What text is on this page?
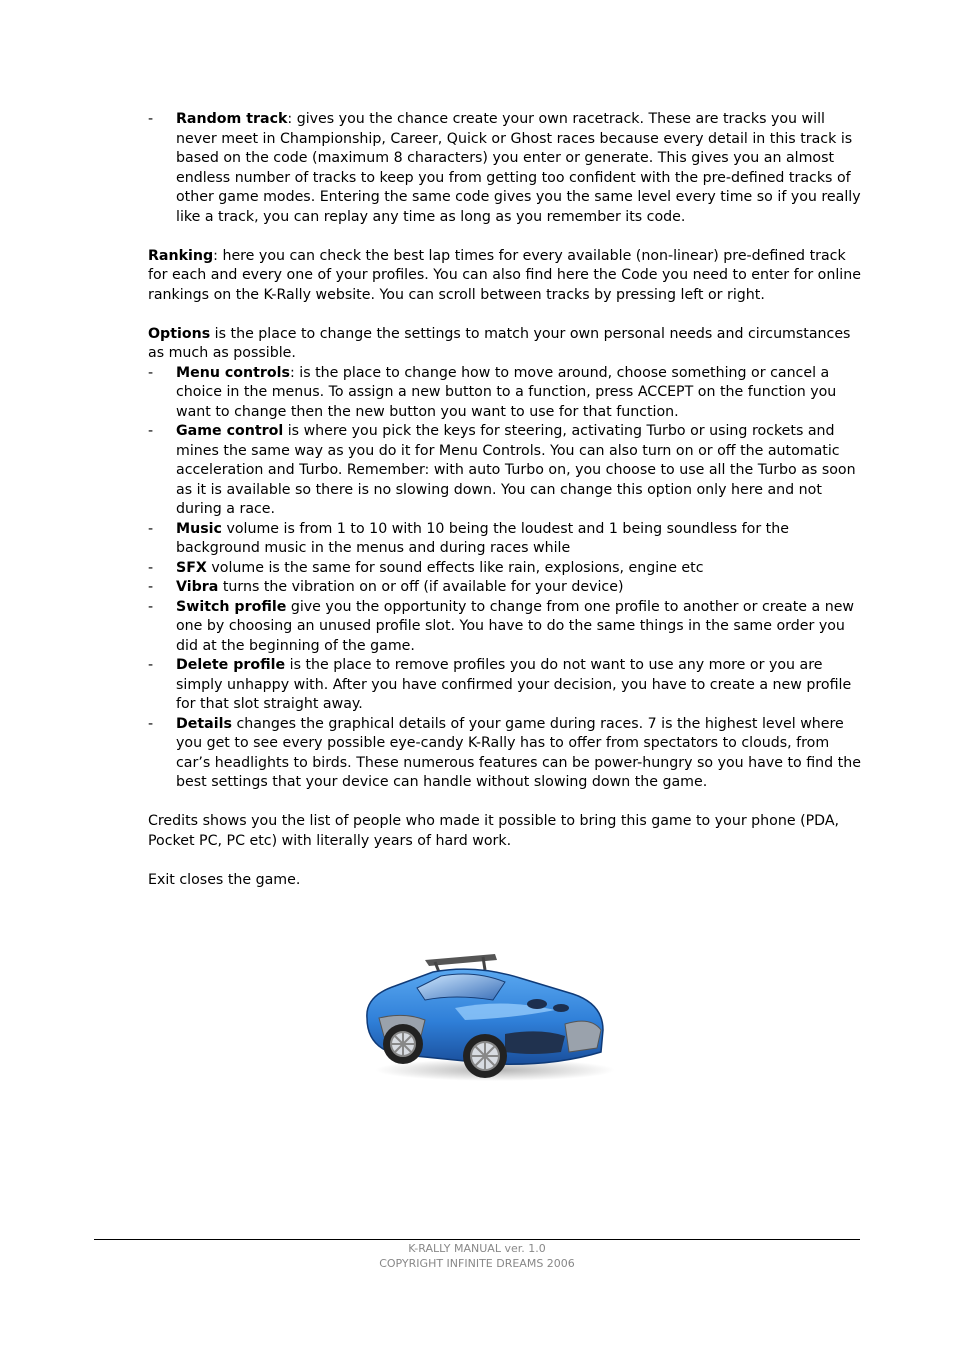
- Random track: gives you the chance create your own racetrack. These are tracks you will never meet in Championship, Career, Quick or Ghost races because every detail in this track is based on the code (maximum 8 characters) you enter or generate. This gives you an almost endless number of tracks to keep you from getting too confident with the pre-defined tracks of other game modes. Entering the same code gives you the same level every time so if you really like a track, you can replay any time as long as you remember its code.

Ranking: here you can check the best lap times for every available (non-linear) pre-defined track for each and every one of your profiles. You can also find here the Code you need to enter for online rankings on the K-Rally website. You can scroll between tracks by pressing left or right.

Options is the place to change the settings to match your own personal needs and circumstances as much as possible.

- Menu controls: is the place to change how to move around, choose something or cancel a choice in the menus. To assign a new button to a function, press ACCEPT on the function you want to change then the new button you want to use for that function.
- Game control is where you pick the keys for steering, activating Turbo or using rockets and mines the same way as you do it for Menu Controls. You can also turn on or off the automatic acceleration and Turbo. Remember: with auto Turbo on, you choose to use all the Turbo as soon as it is available so there is no slowing down. You can change this option only here and not during a race.
- Music volume is from 1 to 10 with 10 being the loudest and 1 being soundless for the background music in the menus and during races while
- SFX volume is the same for sound effects like rain, explosions, engine etc
- Vibra turns the vibration on or off (if available for your device)
- Switch profile give you the opportunity to change from one profile to another or create a new one by choosing an unused profile slot. You have to do the same things in the same order you did at the beginning of the game.
- Delete profile is the place to remove profiles you do not want to use any more or you are simply unhappy with. After you have confirmed your decision, you have to create a new profile for that slot straight away.
- Details changes the graphical details of your game during races. 7 is the highest level where you get to see every possible eye-candy K-Rally has to offer from spectators to clouds, from car’s headlights to birds. These numerous features can be power-hungry so you have to find the best settings that your device can handle without slowing down the game.

Credits shows you the list of people who made it possible to bring this game to your phone (PDA, Pocket PC, PC etc) with literally years of hard work.

Exit closes the game.

K-RALLY MANUAL ver. 1.0
COPYRIGHT INFINITE DREAMS 2006
